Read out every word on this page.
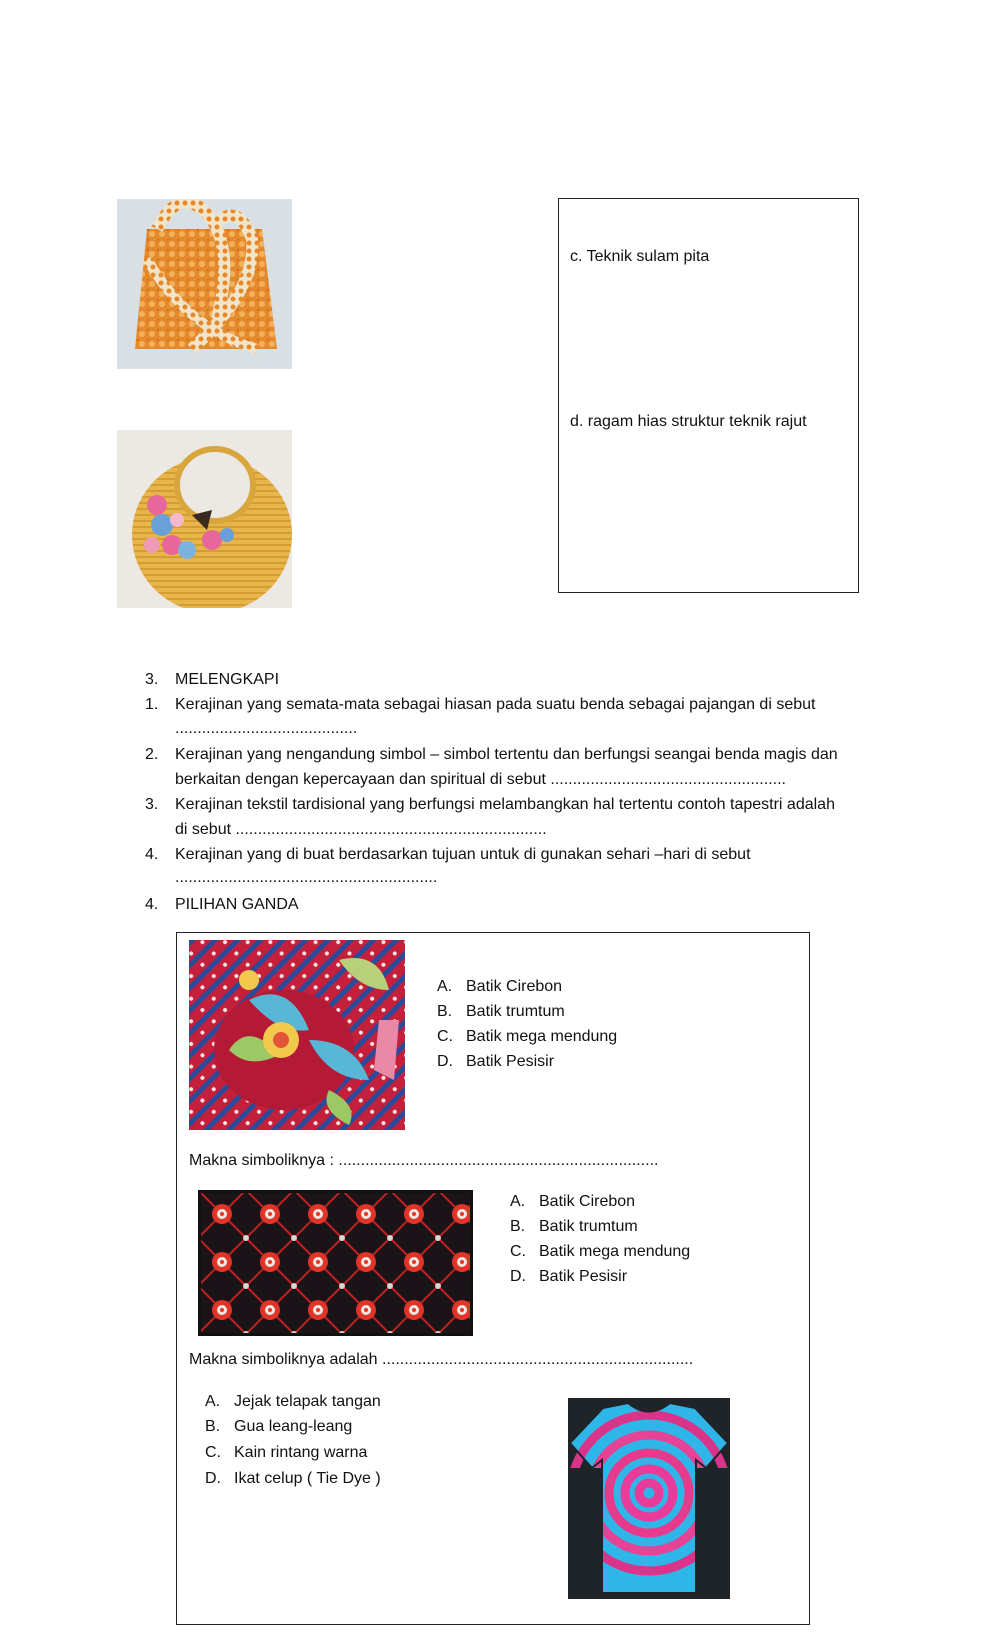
c. Teknik sulam pita
d. ragam hias struktur teknik rajut
3. MELENGKAPI
1. Kerajinan yang semata-mata sebagai hiasan pada suatu benda sebagai pajangan di sebut
.........................................
2. Kerajinan yang nengandung simbol – simbol tertentu dan berfungsi seangai benda magis dan
berkaitan dengan kepercayaan dan spiritual di sebut .....................................................
3. Kerajinan tekstil tardisional yang berfungsi melambangkan hal tertentu contoh tapestri adalah
di sebut ......................................................................
4. Kerajinan yang di buat berdasarkan tujuan untuk di gunakan sehari –hari di sebut
...........................................................
4. PILIHAN GANDA
A. Batik Cirebon
B. Batik trumtum
C. Batik mega mendung
D. Batik Pesisir
Makna simboliknya : ........................................................................
A. Batik Cirebon
B. Batik trumtum
C. Batik mega mendung
D. Batik Pesisir
Makna simboliknya adalah ......................................................................
A. Jejak telapak tangan
B. Gua leang-leang
C. Kain rintang warna
D. Ikat celup ( Tie Dye )
